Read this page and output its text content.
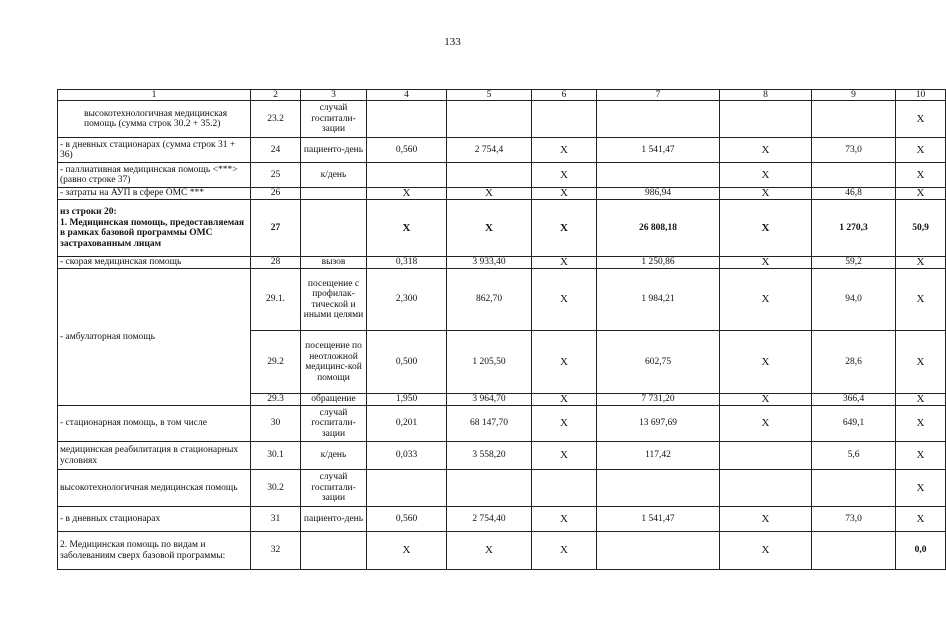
133
1	2	3	4	5	6	7	8	9	10
высокотехнологичная медицинская помощь (сумма строк 30.2 + 35.2)	23.2	случай госпитали-зации							X
- в дневных стационарах (сумма строк 31 + 36)	24	пациенто-день	0,560	2 754,4	X	1 541,47	X	73,0	X
- паллиативная медицинская помощь <***> (равно строке 37)	25	к/день			X		X		X
- затраты на АУП в сфере ОМС ***	26		X	X	X	986,94	X	46,8	X
из строки 20:
1. Медицинская помощь, предоставляемая в рамках базовой программы ОМС застрахованным лицам	27		X	X	X	26 808,18	X	1 270,3	50,9
- скорая медицинская помощь	28	вызов	0,318	3 933,40	X	1 250,86	X	59,2	X
- амбулаторная помощь	29.1.	посещение с профилак-тической и иными целями	2,300	862,70	X	1 984,21	X	94,0	X
	29.2	посещение по неотложной медицинс-кой помощи	0,500	1 205,50	X	602,75	X	28,6	X
	29.3	обращение	1,950	3 964,70	X	7 731,20	X	366,4	X
- стационарная помощь, в том числе	30	случай госпитали-зации	0,201	68 147,70	X	13 697,69	X	649,1	X
медицинская реабилитация в стационарных условиях	30.1	к/день	0,033	3 558,20	X	117,42		5,6	X
высокотехнологичная медицинская помощь	30.2	случай госпитали-зации							X
- в дневных стационарах	31	пациенто-день	0,560	2 754,40	X	1 541,47	X	73,0	X
2. Медицинская помощь по видам и заболеваниям сверх базовой программы:	32		X	X	X		X		0,0
